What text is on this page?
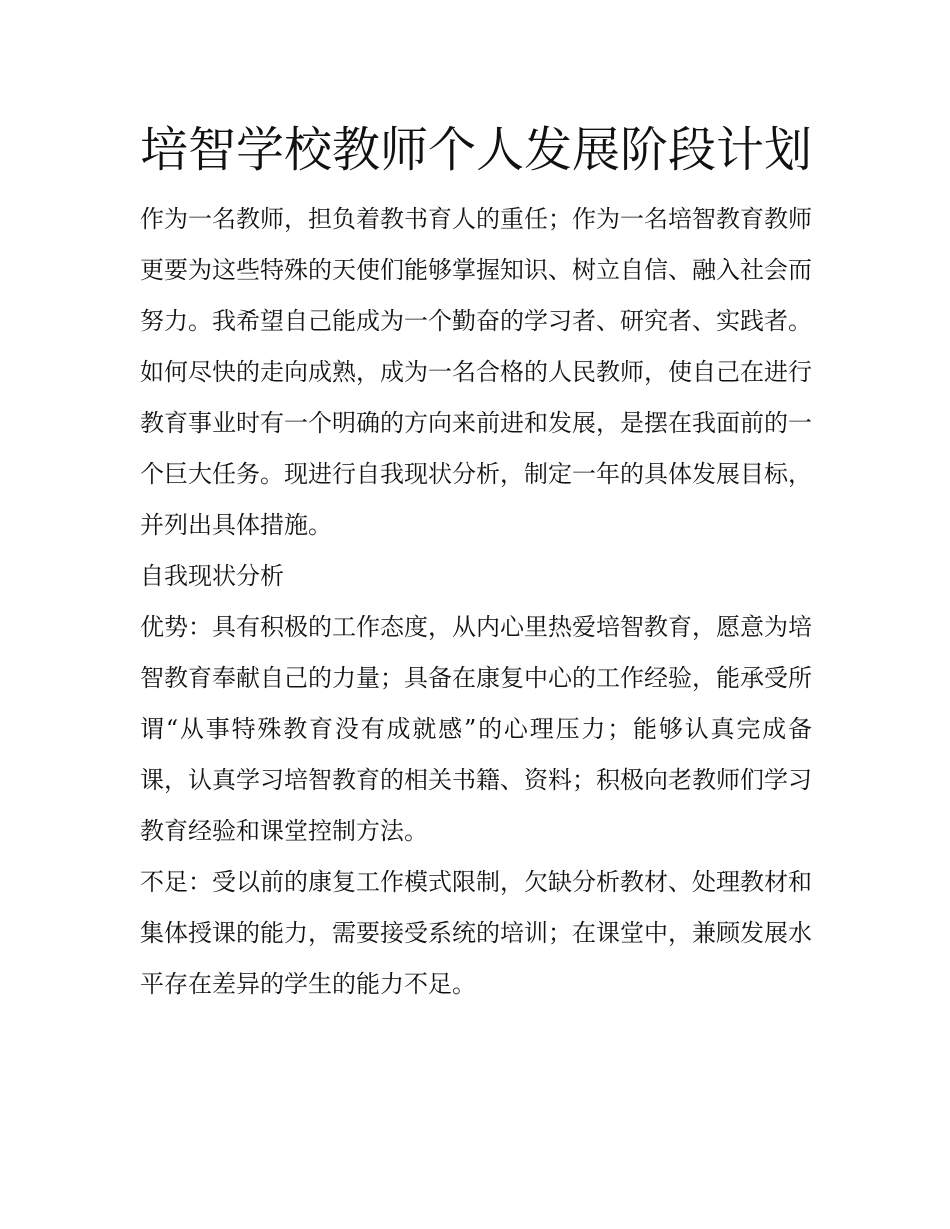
培智学校教师个人发展阶段计划

作为一名教师，担负着教书育人的重任；作为一名培智教育教师更要为这些特殊的天使们能够掌握知识、树立自信、融入社会而努力。我希望自己能成为一个勤奋的学习者、研究者、实践者。如何尽快的走向成熟，成为一名合格的人民教师，使自己在进行教育事业时有一个明确的方向来前进和发展，是摆在我面前的一个巨大任务。现进行自我现状分析，制定一年的具体发展目标，并列出具体措施。

自我现状分析

优势：具有积极的工作态度，从内心里热爱培智教育，愿意为培智教育奉献自己的力量；具备在康复中心的工作经验，能承受所谓“从事特殊教育没有成就感”的心理压力；能够认真完成备课，认真学习培智教育的相关书籍、资料；积极向老教师们学习教育经验和课堂控制方法。

不足：受以前的康复工作模式限制，欠缺分析教材、处理教材和集体授课的能力，需要接受系统的培训；在课堂中，兼顾发展水平存在差异的学生的能力不足。
